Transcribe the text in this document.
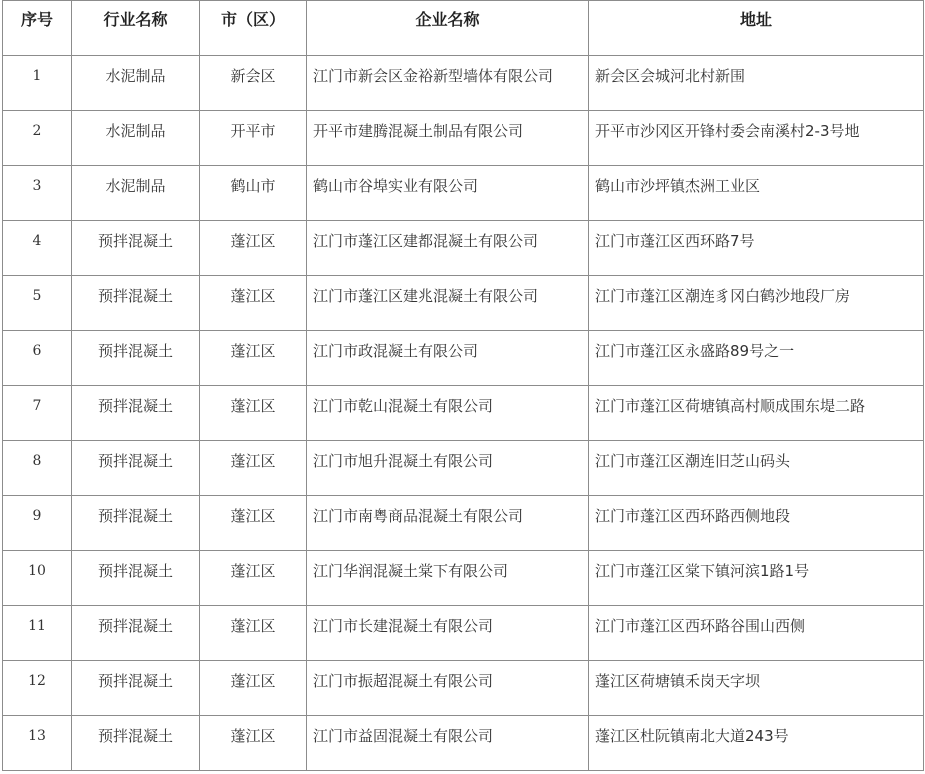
序号	行业名称	市（区）	企业名称	地址
1	水泥制品	新会区	江门市新会区金裕新型墙体有限公司	新会区会城河北村新围
2	水泥制品	开平市	开平市建腾混凝土制品有限公司	开平市沙冈区开锋村委会南溪村2-3号地
3	水泥制品	鹤山市	鹤山市谷埠实业有限公司	鹤山市沙坪镇杰洲工业区
4	预拌混凝土	蓬江区	江门市蓬江区建都混凝土有限公司	江门市蓬江区西环路7号
5	预拌混凝土	蓬江区	江门市蓬江区建兆混凝土有限公司	江门市蓬江区潮连豸冈白鹤沙地段厂房
6	预拌混凝土	蓬江区	江门市政混凝土有限公司	江门市蓬江区永盛路89号之一
7	预拌混凝土	蓬江区	江门市乾山混凝土有限公司	江门市蓬江区荷塘镇高村顺成围东堤二路
8	预拌混凝土	蓬江区	江门市旭升混凝土有限公司	江门市蓬江区潮连旧芝山码头
9	预拌混凝土	蓬江区	江门市南粤商品混凝土有限公司	江门市蓬江区西环路西侧地段
10	预拌混凝土	蓬江区	江门华润混凝土棠下有限公司	江门市蓬江区棠下镇河滨1路1号
11	预拌混凝土	蓬江区	江门市长建混凝土有限公司	江门市蓬江区西环路谷围山西侧
12	预拌混凝土	蓬江区	江门市振超混凝土有限公司	蓬江区荷塘镇禾岗天字坝
13	预拌混凝土	蓬江区	江门市益固混凝土有限公司	蓬江区杜阮镇南北大道243号
